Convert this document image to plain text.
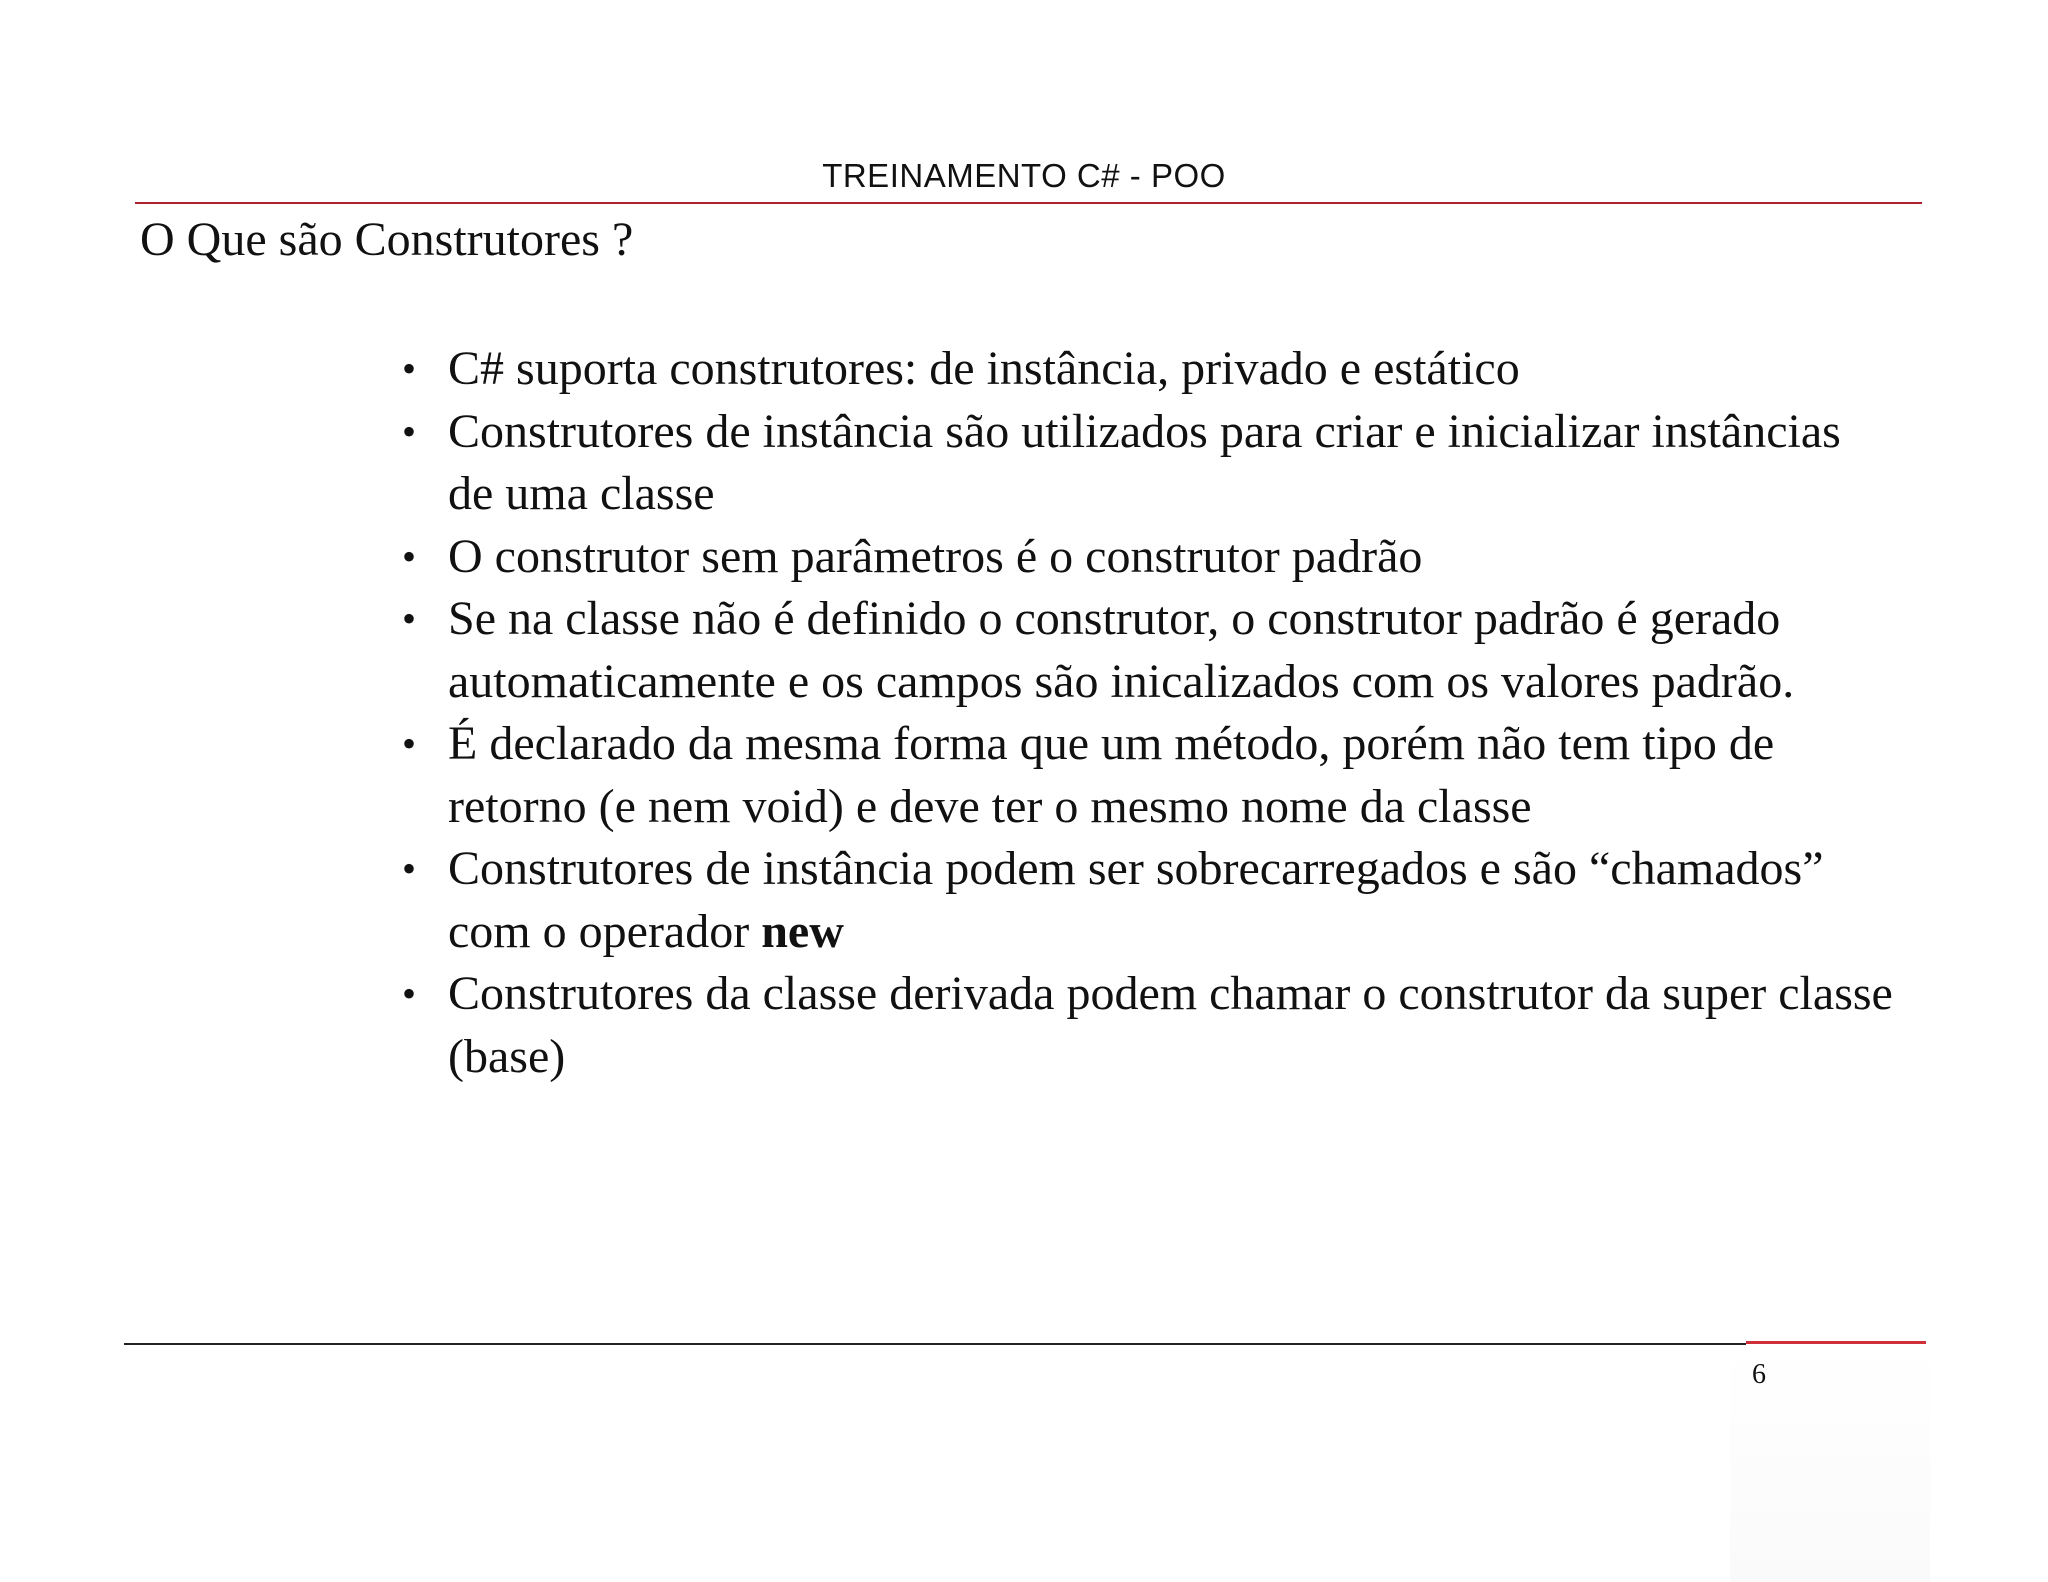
TREINAMENTO C# - POO
O Que são Construtores ?
• C# suporta construtores: de instância, privado e estático
• Construtores de instância são utilizados para criar e inicializar instâncias de uma classe
• O construtor sem parâmetros é o construtor padrão
• Se na classe não é definido o construtor, o construtor padrão é gerado automaticamente e os campos são inicalizados com os valores padrão.
• É declarado da mesma forma que um método, porém não tem tipo de retorno (e nem void) e deve ter o mesmo nome da classe
• Construtores de instância podem ser sobrecarregados e são “chamados” com o operador new
• Construtores da classe derivada podem chamar o construtor da super classe (base)
6
